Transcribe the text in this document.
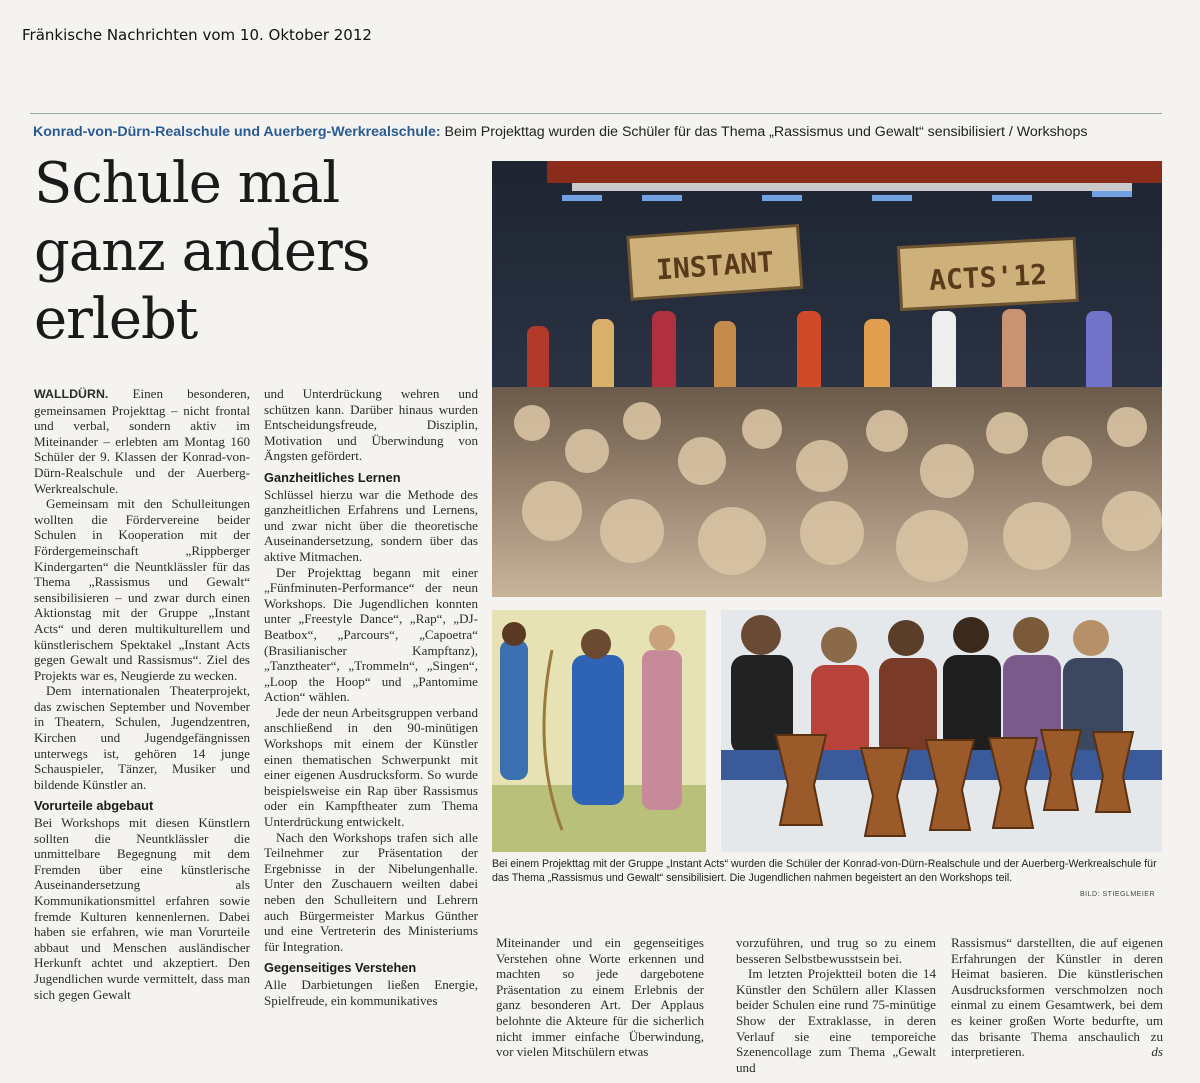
Fränkische Nachrichten vom 10. Oktober 2012
Konrad-von-Dürn-Realschule und Auerberg-Werkrealschule: Beim Projekttag wurden die Schüler für das Thema „Rassismus und Gewalt“ sensibilisiert / Workshops
Schule mal
ganz anders
erlebt

WALLDÜRN. Einen besonderen, gemeinsamen Projekttag – nicht frontal und verbal, sondern aktiv im Miteinander – erlebten am Montag 160 Schüler der 9. Klassen der Konrad-von-Dürn-Realschule und der Auerberg-Werkrealschule.

Gemeinsam mit den Schulleitungen wollten die Fördervereine beider Schulen in Kooperation mit der Fördergemeinschaft „Rippberger Kindergarten“ die Neuntklässler für das Thema „Rassismus und Gewalt“ sensibilisieren – und zwar durch einen Aktionstag mit der Gruppe „Instant Acts“ und deren multikulturellem und künstlerischem Spektakel „Instant Acts gegen Gewalt und Rassismus“. Ziel des Projekts war es, Neugierde zu wecken.

Dem internationalen Theaterprojekt, das zwischen September und November in Theatern, Schulen, Jugendzentren, Kirchen und Jugendgefängnissen unterwegs ist, gehören 14 junge Schauspieler, Tänzer, Musiker und bildende Künstler an.

Vorurteile abgebaut

Bei Workshops mit diesen Künstlern sollten die Neuntklässler die unmittelbare Begegnung mit dem Fremden über eine künstlerische Auseinandersetzung als Kommunikationsmittel erfahren sowie fremde Kulturen kennenlernen. Dabei haben sie erfahren, wie man Vorurteile abbaut und Menschen ausländischer Herkunft achtet und akzeptiert. Den Jugendlichen wurde vermittelt, dass man sich gegen Gewalt

und Unterdrückung wehren und schützen kann. Darüber hinaus wurden Entscheidungsfreude, Disziplin, Motivation und Überwindung von Ängsten gefördert.

Ganzheitliches Lernen

Schlüssel hierzu war die Methode des ganzheitlichen Erfahrens und Lernens, und zwar nicht über die theoretische Auseinandersetzung, sondern über das aktive Mitmachen.

Der Projekttag begann mit einer „Fünfminuten-Performance“ der neun Workshops. Die Jugendlichen konnten unter „Freestyle Dance“, „Rap“, „DJ-Beatbox“, „Parcours“, „Capoetra“ (Brasilianischer Kampftanz), „Tanztheater“, „Trommeln“, „Singen“, „Loop the Hoop“ und „Pantomime Action“ wählen.

Jede der neun Arbeitsgruppen verband anschließend in den 90-minütigen Workshops mit einem der Künstler einen thematischen Schwerpunkt mit einer eigenen Ausdrucksform. So wurde beispielsweise ein Rap über Rassismus oder ein Kampftheater zum Thema Unterdrückung entwickelt.

Nach den Workshops trafen sich alle Teilnehmer zur Präsentation der Ergebnisse in der Nibelungenhalle. Unter den Zuschauern weilten dabei neben den Schulleitern und Lehrern auch Bürgermeister Markus Günther und eine Vertreterin des Ministeriums für Integration.

Gegenseitiges Verstehen

Alle Darbietungen ließen Energie, Spielfreude, ein kommunikatives

INSTANT	ACTS'12
Bei einem Projekttag mit der Gruppe „Instant Acts“ wurden die Schüler der Konrad-von-Dürn-Realschule und der Auerberg-Werkrealschule für das Thema „Rassismus und Gewalt“ sensibilisiert. Die Jugendlichen nahmen begeistert an den Workshops teil.
BILD: STIEGLMEIER

Miteinander und ein gegenseitiges Verstehen ohne Worte erkennen und machten so jede dargebotene Präsentation zu einem Erlebnis der ganz besonderen Art. Der Applaus belohnte die Akteure für die sicherlich nicht immer einfache Überwindung, vor vielen Mitschülern etwas

vorzuführen, und trug so zu einem besseren Selbstbewusstsein bei.

Im letzten Projektteil boten die 14 Künstler den Schülern aller Klassen beider Schulen eine rund 75-minütige Show der Extraklasse, in deren Verlauf sie eine temporeiche Szenencollage zum Thema „Gewalt und

Rassismus“ darstellten, die auf eigenen Erfahrungen der Künstler in deren Heimat basieren. Die künstlerischen Ausdrucksformen verschmolzen noch einmal zu einem Gesamtwerk, bei dem es keiner großen Worte bedurfte, um das brisante Thema anschaulich zu interpretieren.	ds
